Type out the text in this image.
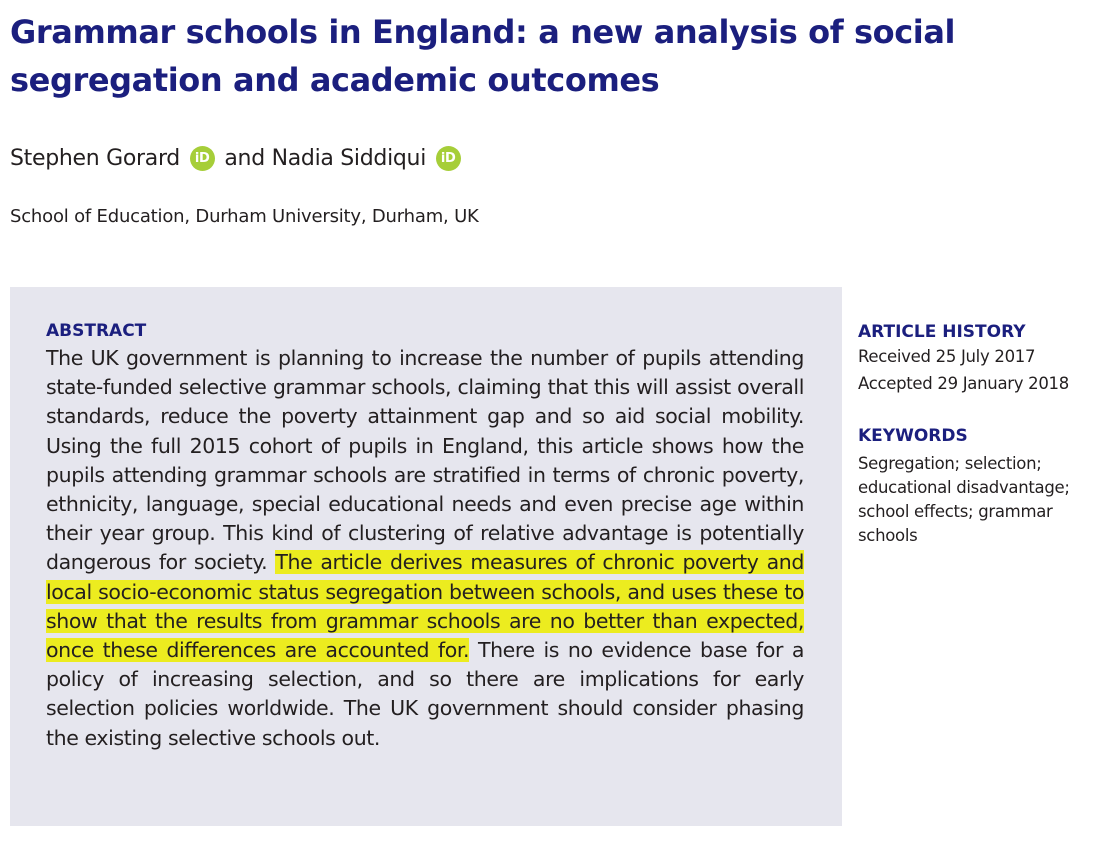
Grammar schools in England: a new analysis of social segregation and academic outcomes

Stephen Gorard iD and Nadia Siddiqui iD

School of Education, Durham University, Durham, UK

ABSTRACT

The UK government is planning to increase the number of pupils attending state-funded selective grammar schools, claiming that this will assist overall standards, reduce the poverty attainment gap and so aid social mobility. Using the full 2015 cohort of pupils in England, this article shows how the pupils attending grammar schools are stratified in terms of chronic poverty, ethnicity, language, special educational needs and even precise age within their year group. This kind of clustering of relative advantage is potentially dangerous for society. The article derives measures of chronic poverty and local socio-economic status segregation between schools, and uses these to show that the results from grammar schools are no better than expected, once these differences are accounted for. There is no evidence base for a policy of increasing selection, and so there are implications for early selection policies worldwide. The UK government should consider phasing the existing selective schools out.

ARTICLE HISTORY

Received 25 July 2017

Accepted 29 January 2018

KEYWORDS

Segregation; selection; educational disadvantage; school effects; grammar schools
